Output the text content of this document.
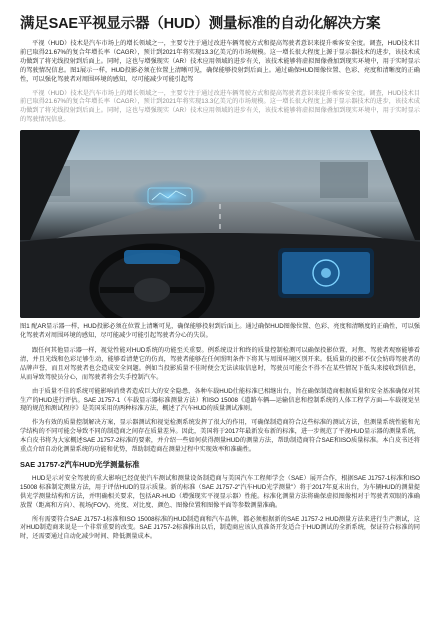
满足SAE平视显示器（HUD）测量标准的自动化解决方案

平视（HUD）技术是汽车市场上的增长领域之一，主要专注于通过改进车辆驾驶方式和提高驾驶者意识来提升乘客安全度。调查，HUD技术目前已取得21.67%的复合年增长率（CAGR），预计到2021年将实现13.3亿美元的市场规模。这一增长很大程度上源于显示器技术的进步，该技术成功做到了将光线投射到后面上。同时，这也与增强现实（AR）技术应用领域的进步有关，该技术能够将虚拟图像叠加到现实环境中，用于实时显示的驾驶情况信息。图1展示一样，HUD投影必须在位置上清晰可见，确保能够投射到后面上。通过确保HUD图像位置、色彩、亮度和清晰度的正确性，可以强化驾驶者对周围环境的感知，尽可能减少可能引起驾

平视（HUD）技术是汽车市场上的增长领域之一，主要专注于通过改进车辆驾驶方式和提高驾驶者意识来提升乘客安全度。调查，HUD技术目前已取得21.67%的复合年增长率（CAGR），预计到2021年将实现13.3亿美元的市场规模。这一增长很大程度上源于显示器技术的进步，该技术成功做到了将光线投射到后面上。同时，这也与增强现实（AR）技术应用领域的进步有关，该技术能够将虚拟图像叠加到现实环境中，用于实时显示的驾驶情况信息。

图1 配AR显示器一样，HUD投影必须在位置上清晰可见，确保能够投射到后面上。通过确保HUD图像位置、色彩、亮度和清晰度的正确性，可以强化驾驶者对周围环境的感知，尽可能减少可能引起驾驶者分心的失误。

跟任何其他显示器一样，视觉性能对HUD系统的功能至关重要。例系统设计和终的质量控制检测可以确保投影位置，对焦、驾驶者观察能够看清，并且光线和色彩足够生动，能够看清楚它的仿真，驾驶者能够在任何照明条件下将其与周围环境区别开来。低质量的投影不仅会妨碍驾驶者的品牌声誉，而且对驾驶者也会造成安全问题。例如当投影质量不佳时便会无法读取信息时，驾驶员可能会不得不在某些情况下低头来接收到信息，从而导致驾驶员分心，而驾驶者将会失手控制汽车。

由于质量不佳的系统可能影响消费者造成巨大的安全隐患，各种车载HUD仕能标准已相继出台，旨在确保制造商根据质量和安全基准确保对其生产的HUD进行评估。SAE J1757-1（车载显示器标准测量方法）和ISO 15008《道路车辆—运输信息和控制系统的人体工程学方面—车载视觉呈现的规范和测试程序》是美国采用的两种标准方法，概述了汽车HUD的质量测试准则。

作为有效的质量控制解决方案，显示器测试和视觉检测系统发挥了很大的作用，可确保制造商符合这些标准的测试方法，但测量系统性能和光学结构的不同可能会导致不同的制造商之间存在质量差异。因此，美国将于2017年最新发布新的标准，进一步规范了平视HUD显示器的测量系统，本白皮书将为大家概述SAE J1757-2标准的要素，并介绍一些如何获得测量HUD的测量方法，帮助制造商符合SAE和ISO质量标准。本白皮书还将重点介绍自动化测量系统的功能和优势，帮助制造商在测量过程中实现效率和准确性。

SAE J1757-2汽车HUD光学测量标准

HUD是示对安全驾驶的重大影响已经促使汽车测试和测量设备制造商与美国汽车工程师学会（SAE）展开合作，根据SAE J1757-1标准和ISO 15008 标准制定测量方法，用于评估HUD的显示质量。新的标准（SAE J1757-2"汽车HUD光学测量"）将于2017年夏末出台，为车辆HUD的测量提供光学测量结构和方法，并明确相关要求，包括AR-HUD（增强现实平视显示器）性能。标准化测量方法将确保虚拟图像相对于驾驶者双眼的准确放置（距离和方向）、视场(FOV)、亮度、对比度、颜色、图像位置和图像平面等参数测量准确。

所有需要符合SAE J1757-1标准和ISO 15008标准的HUD制造商和汽车品牌，都必须根据新的SAE J1757-2 HUD测量方法来进行生产测试，这对HUD制造商来说是一个非常重要的改变。SAE J1757-2标准推出以后，制造商应该认真准备开发适合于HUD测试的全新系统，保证符合标准的同时，还需要通过自动化减少时间、降低测量成本。
